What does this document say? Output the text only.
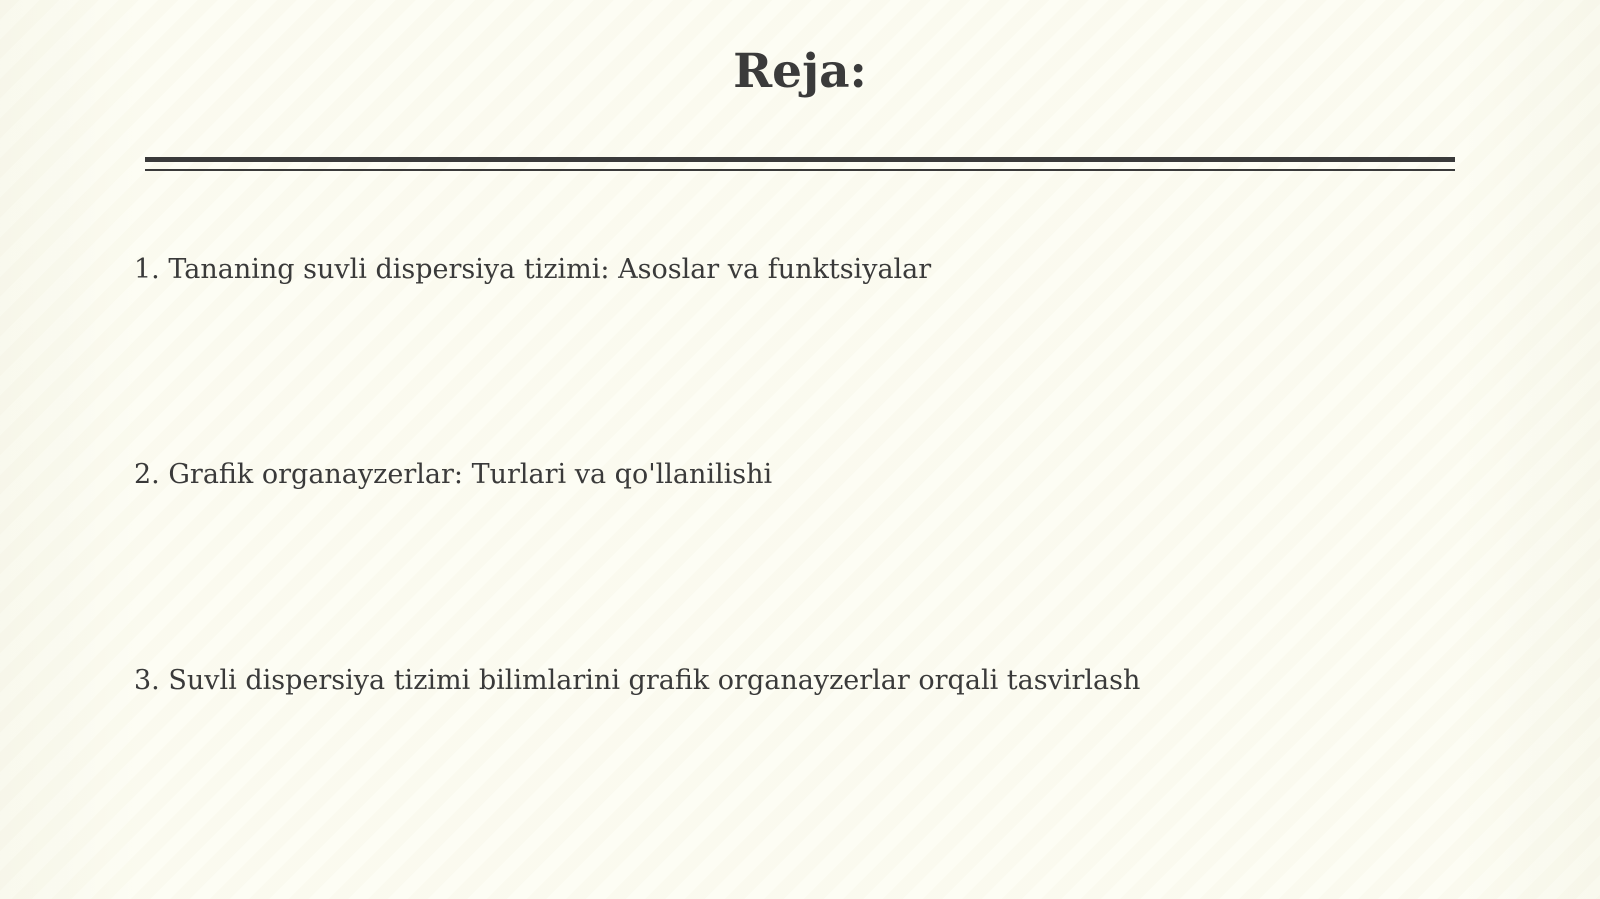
Reja:

1. Tananing suvli dispersiya tizimi: Asoslar va funktsiyalar

2. Grafik organayzerlar: Turlari va qo'llanilishi

3. Suvli dispersiya tizimi bilimlarini grafik organayzerlar orqali tasvirlash
